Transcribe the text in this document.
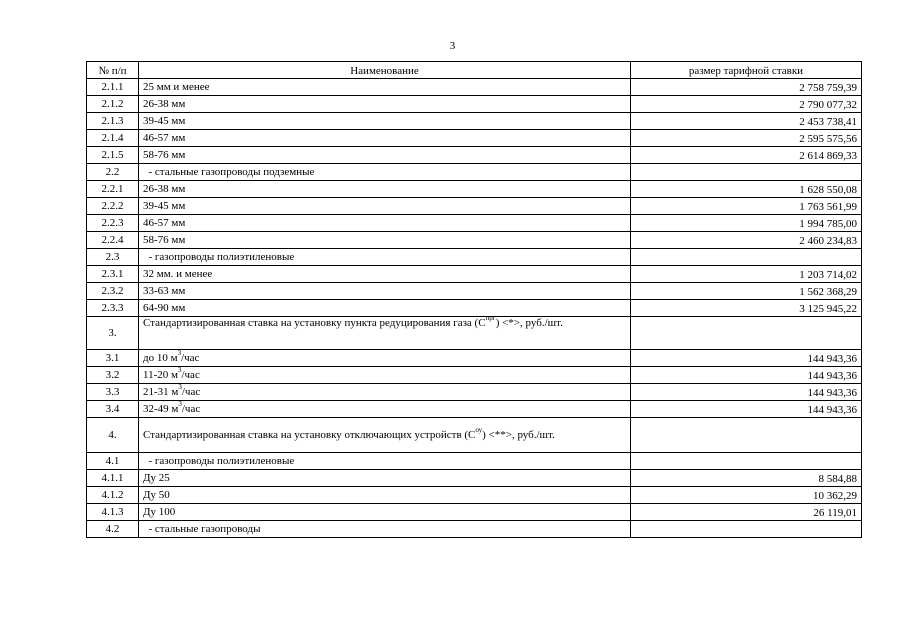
3
№ п/п	Наименование	размер тарифной ставки
2.1.1	25 мм и менее	2 758 759,39
2.1.2	26-38 мм	2 790 077,32
2.1.3	39-45 мм	2 453 738,41
2.1.4	46-57 мм	2 595 575,56
2.1.5	58-76 мм	2 614 869,33
2.2	- стальные газопроводы подземные	
2.2.1	26-38 мм	1 628 550,08
2.2.2	39-45 мм	1 763 561,99
2.2.3	46-57 мм	1 994 785,00
2.2.4	58-76 мм	2 460 234,83
2.3	- газопроводы полиэтиленовые	
2.3.1	32 мм. и менее	1 203 714,02
2.3.2	33-63 мм	1 562 368,29
2.3.3	64-90 мм	3 125 945,22
3.	Стандартизированная ставка на установку пункта редуцирования газа $(С^{прг})$ <*>, руб./шт.	
3.1	до 10 $м^3$/час	144 943,36
3.2	11-20 $м^3$/час	144 943,36
3.3	21-31 $м^3$/час	144 943,36
3.4	32-49 $м^3$/час	144 943,36
4.	Стандартизированная ставка на установку отключающих устройств $(С^{оу})$ <**>, руб./шт.	
4.1	- газопроводы полиэтиленовые	
4.1.1	Ду 25	8 584,88
4.1.2	Ду 50	10 362,29
4.1.3	Ду 100	26 119,01
4.2	- стальные газопроводы	
